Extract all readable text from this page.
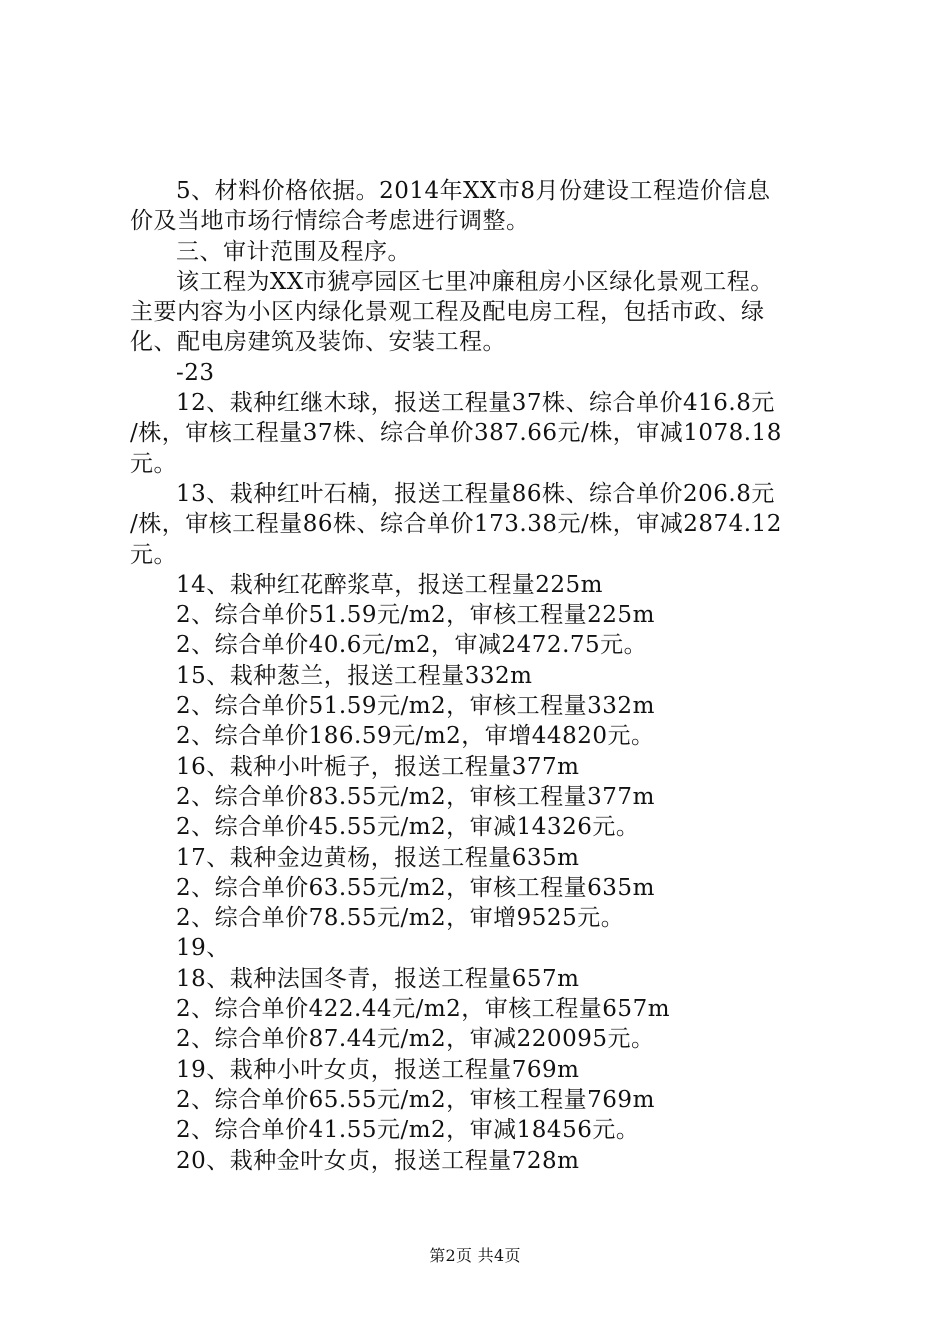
5、材料价格依据。2014年XX市8月份建设工程造价信息

价及当地市场行情综合考虑进行调整。

三、审计范围及程序。

该工程为XX市猇亭园区七里冲廉租房小区绿化景观工程。

主要内容为小区内绿化景观工程及配电房工程，包括市政、绿

化、配电房建筑及装饰、安装工程。

-23

12、栽种红继木球，报送工程量37株、综合单价416.8元

/株，审核工程量37株、综合单价387.66元/株，审减1078.18

元。

13、栽种红叶石楠，报送工程量86株、综合单价206.8元

/株，审核工程量86株、综合单价173.38元/株，审减2874.12

元。

14、栽种红花醉浆草，报送工程量225m

2、综合单价51.59元/m2，审核工程量225m

2、综合单价40.6元/m2，审减2472.75元。

15、栽种葱兰，报送工程量332m

2、综合单价51.59元/m2，审核工程量332m

2、综合单价186.59元/m2，审增44820元。

16、栽种小叶栀子，报送工程量377m

2、综合单价83.55元/m2，审核工程量377m

2、综合单价45.55元/m2，审减14326元。

17、栽种金边黄杨，报送工程量635m

2、综合单价63.55元/m2，审核工程量635m

2、综合单价78.55元/m2，审增9525元。

19、

18、栽种法国冬青，报送工程量657m

2、综合单价422.44元/m2，审核工程量657m

2、综合单价87.44元/m2，审减220095元。

19、栽种小叶女贞，报送工程量769m

2、综合单价65.55元/m2，审核工程量769m

2、综合单价41.55元/m2，审减18456元。

20、栽种金叶女贞，报送工程量728m

第2页 共4页
